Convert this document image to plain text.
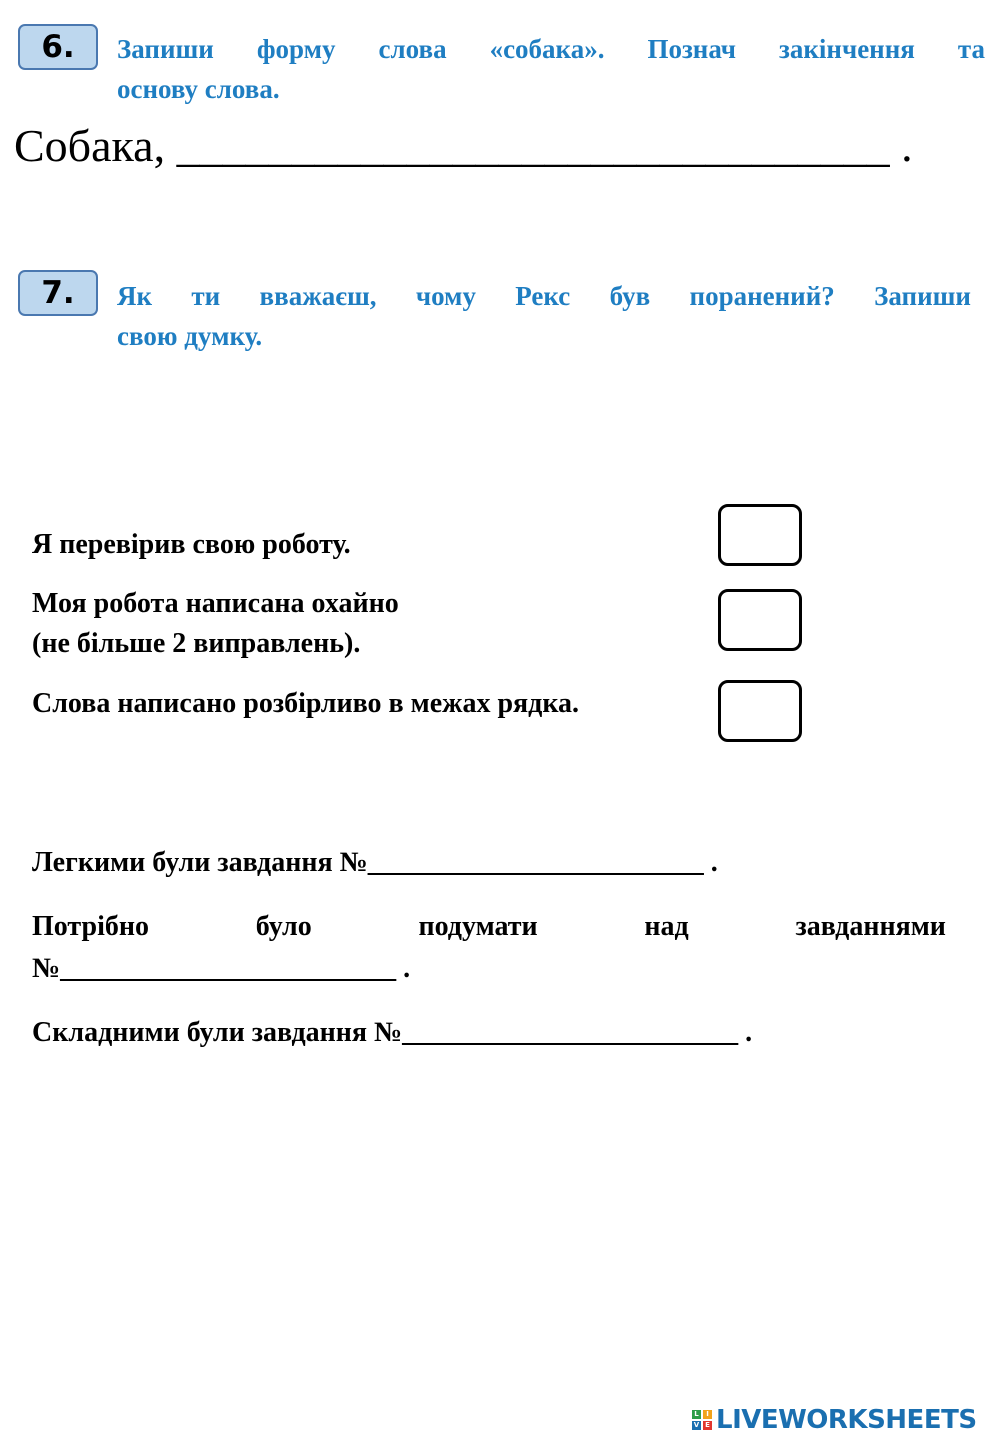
6. Запиши форму слова «собака». Познач закінчення та
основу слова.
Собака, _______________________________ .
7. Як ти вважаєш, чому Рекс був поранений? Запиши
свою думку.
Я перевірив свою роботу.
Моя робота написана охайно
(не більше 2 виправлень).
Слова написано розбірливо в межах рядка.
Легкими були завдання №________________________ .
Потрібно	було	подумати	над	завданнями
№________________________ .
Складними були завдання №________________________ .
L	I
V E LIVEWORKSHEETS
